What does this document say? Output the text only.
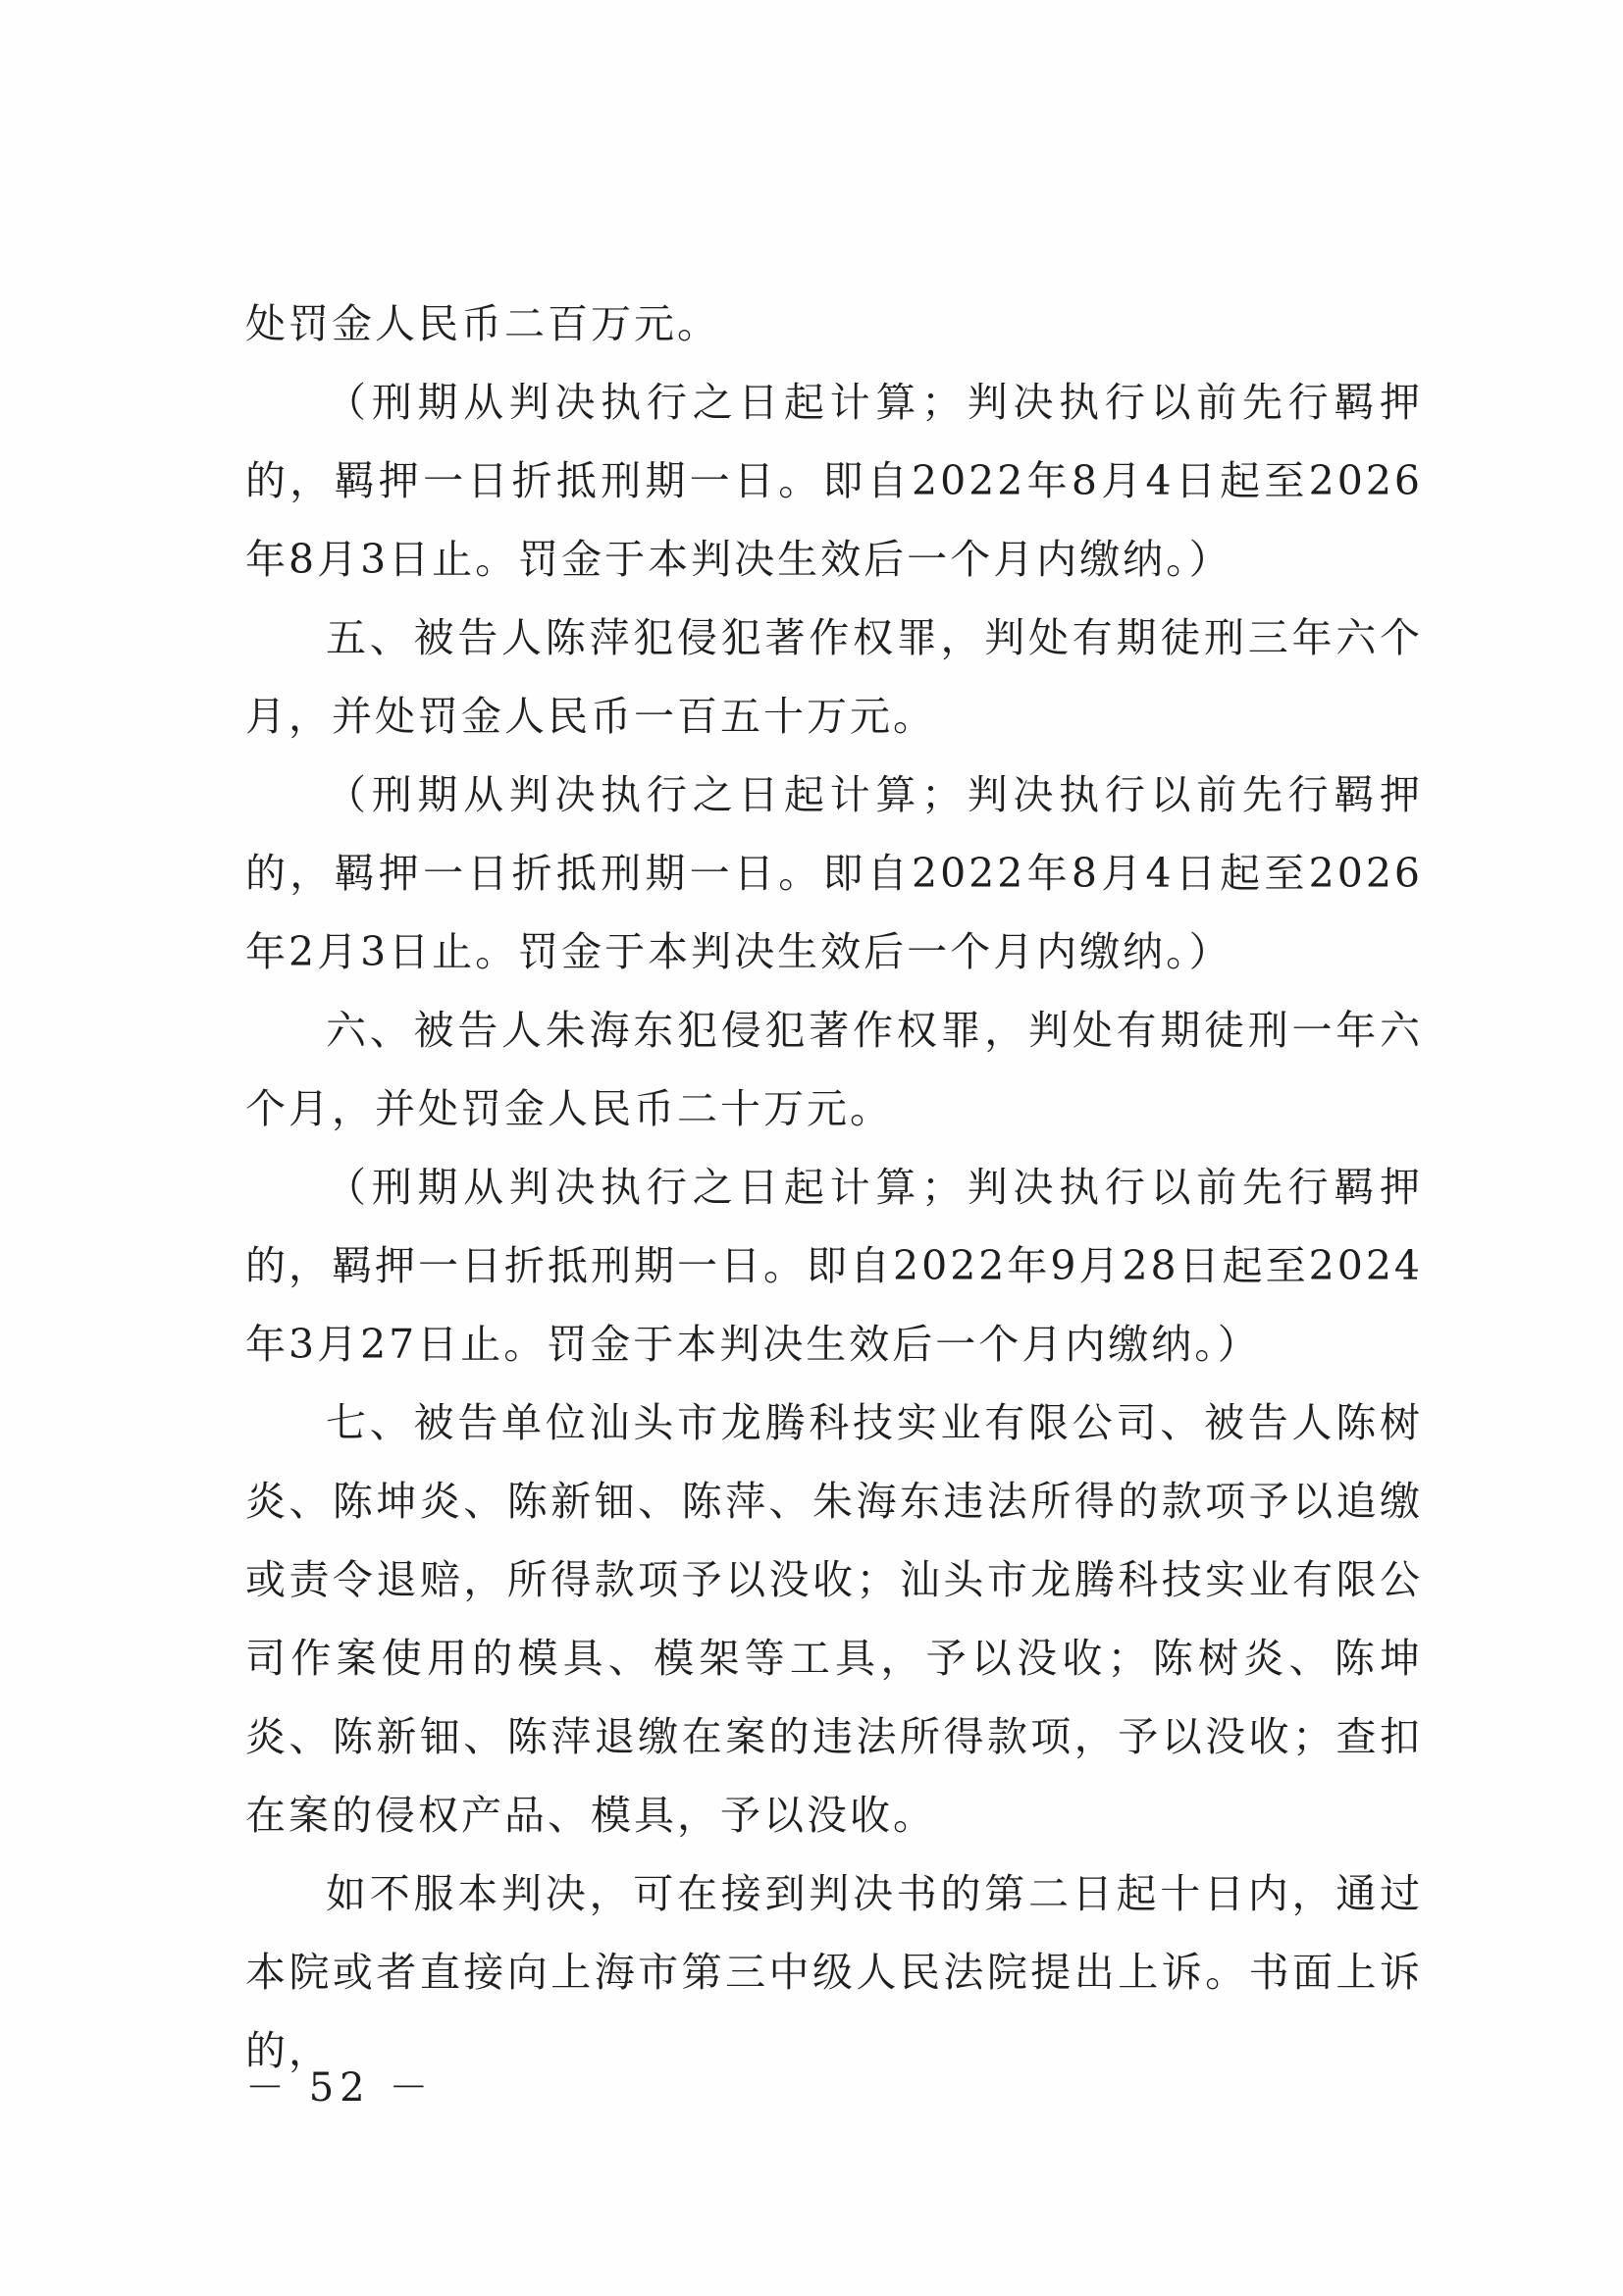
处罚金人民币二百万元。

（刑期从判决执行之日起计算；判决执行以前先行羁押的，羁押一日折抵刑期一日。即自2022年8月4日起至2026年8月3日止。罚金于本判决生效后一个月内缴纳。）

五、被告人陈萍犯侵犯著作权罪，判处有期徒刑三年六个月，并处罚金人民币一百五十万元。

（刑期从判决执行之日起计算；判决执行以前先行羁押的，羁押一日折抵刑期一日。即自2022年8月4日起至2026年2月3日止。罚金于本判决生效后一个月内缴纳。）

六、被告人朱海东犯侵犯著作权罪，判处有期徒刑一年六个月，并处罚金人民币二十万元。

（刑期从判决执行之日起计算；判决执行以前先行羁押的，羁押一日折抵刑期一日。即自2022年9月28日起至2024年3月27日止。罚金于本判决生效后一个月内缴纳。）

七、被告单位汕头市龙腾科技实业有限公司、被告人陈树炎、陈坤炎、陈新钿、陈萍、朱海东违法所得的款项予以追缴或责令退赔，所得款项予以没收；汕头市龙腾科技实业有限公司作案使用的模具、模架等工具，予以没收；陈树炎、陈坤炎、陈新钿、陈萍退缴在案的违法所得款项，予以没收；查扣在案的侵权产品、模具，予以没收。

如不服本判决，可在接到判决书的第二日起十日内，通过本院或者直接向上海市第三中级人民法院提出上诉。书面上诉的，

－ 52 －
